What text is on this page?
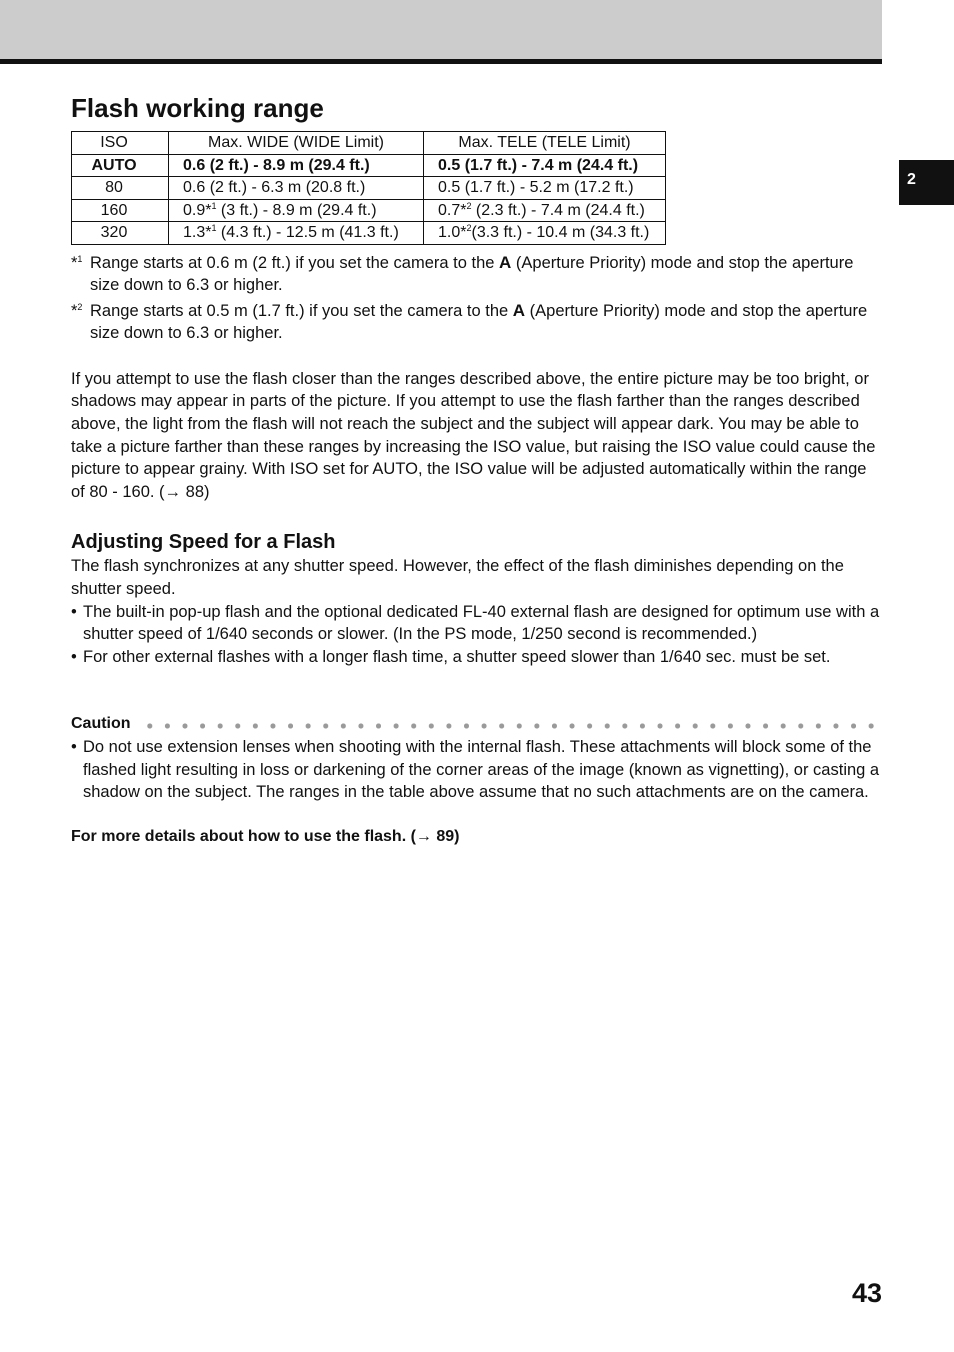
2
Flash working range
ISO	Max. WIDE (WIDE Limit)	Max. TELE (TELE Limit)
AUTO	0.6 (2 ft.) - 8.9 m (29.4 ft.)	0.5 (1.7 ft.) - 7.4 m (24.4 ft.)
80	0.6 (2 ft.) - 6.3 m (20.8 ft.)	0.5 (1.7 ft.) - 5.2 m (17.2 ft.)
160	0.9*$^1$ (3 ft.) - 8.9 m (29.4 ft.)	0.7*$^2$ (2.3 ft.) - 7.4 m (24.4 ft.)
320	1.3*$^1$ (4.3 ft.) - 12.5 m (41.3 ft.)	1.0*$^2$(3.3 ft.) - 10.4 m (34.3 ft.)
*$^1$ Range starts at 0.6 m (2 ft.) if you set the camera to the A (Aperture Priority) mode and stop the aperture size down to 6.3 or higher.
*$^2$ Range starts at 0.5 m (1.7 ft.) if you set the camera to the A (Aperture Priority) mode and stop the aperture size down to 6.3 or higher.

If you attempt to use the flash closer than the ranges described above, the entire picture may be too bright, or shadows may appear in parts of the picture. If you attempt to use the flash farther than the ranges described above, the light from the flash will not reach the subject and the subject will appear dark. You may be able to take a picture farther than these ranges by increasing the ISO value, but raising the ISO value could cause the picture to appear grainy. With ISO set for AUTO, the ISO value will be adjusted automatically within the range of 80 - 160. (→ 88)

Adjusting Speed for a Flash

The flash synchronizes at any shutter speed. However, the effect of the flash diminishes depending on the shutter speed.

• The built-in pop-up flash and the optional dedicated FL-40 external flash are designed for optimum use with a shutter speed of 1/640 seconds or slower. (In the PS mode, 1/250 second is recommended.)
• For other external flashes with a longer flash time, a shutter speed slower than 1/640 sec. must be set.
Caution
• Do not use extension lenses when shooting with the internal flash. These attachments will block some of the flashed light resulting in loss or darkening of the corner areas of the image (known as vignetting), or casting a shadow on the subject. The ranges in the table above assume that no such attachments are on the camera.

For more details about how to use the flash. (→ 89)

43
